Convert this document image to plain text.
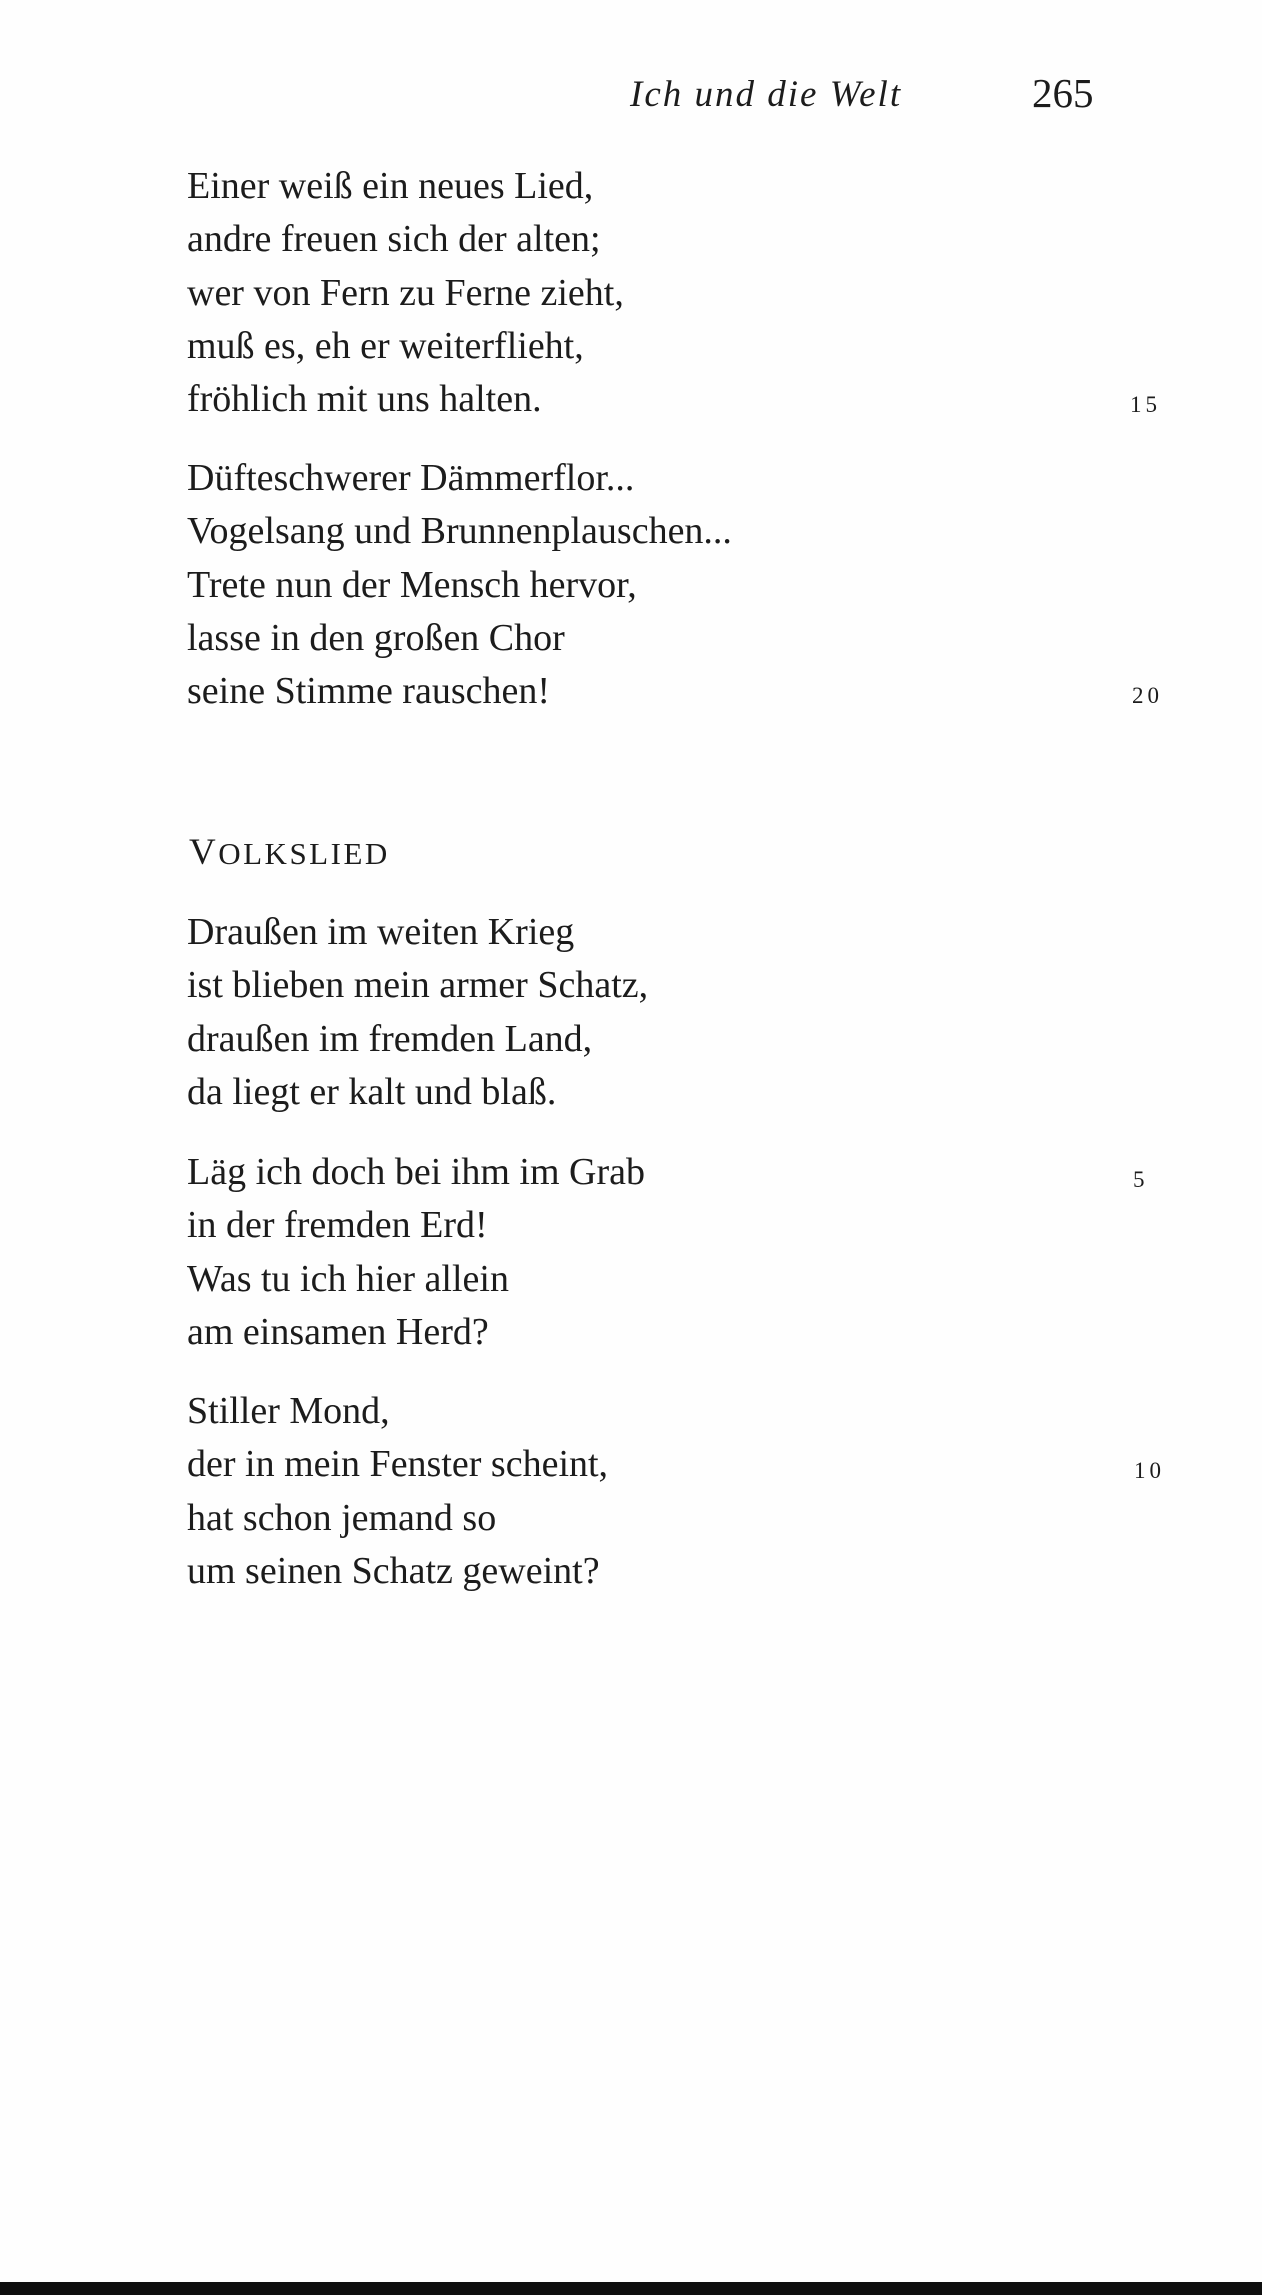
Ich und die Welt	265
Einer weiß ein neues Lied,
andre freuen sich der alten;
wer von Fern zu Ferne zieht,
muß es, eh er weiterflieht,
fröhlich mit uns halten.	15
Düfteschwerer Dämmerflor...
Vogelsang und Brunnenplauschen...
Trete nun der Mensch hervor,
lasse in den großen Chor
seine Stimme rauschen!	20
VOLKSLIED
Draußen im weiten Krieg
ist blieben mein armer Schatz,
draußen im fremden Land,
da liegt er kalt und blaß.
Läg ich doch bei ihm im Grab
in der fremden Erd!
Was tu ich hier allein
am einsamen Herd?
5
Stiller Mond,
der in mein Fenster scheint,
hat schon jemand so
um seinen Schatz geweint?
10
